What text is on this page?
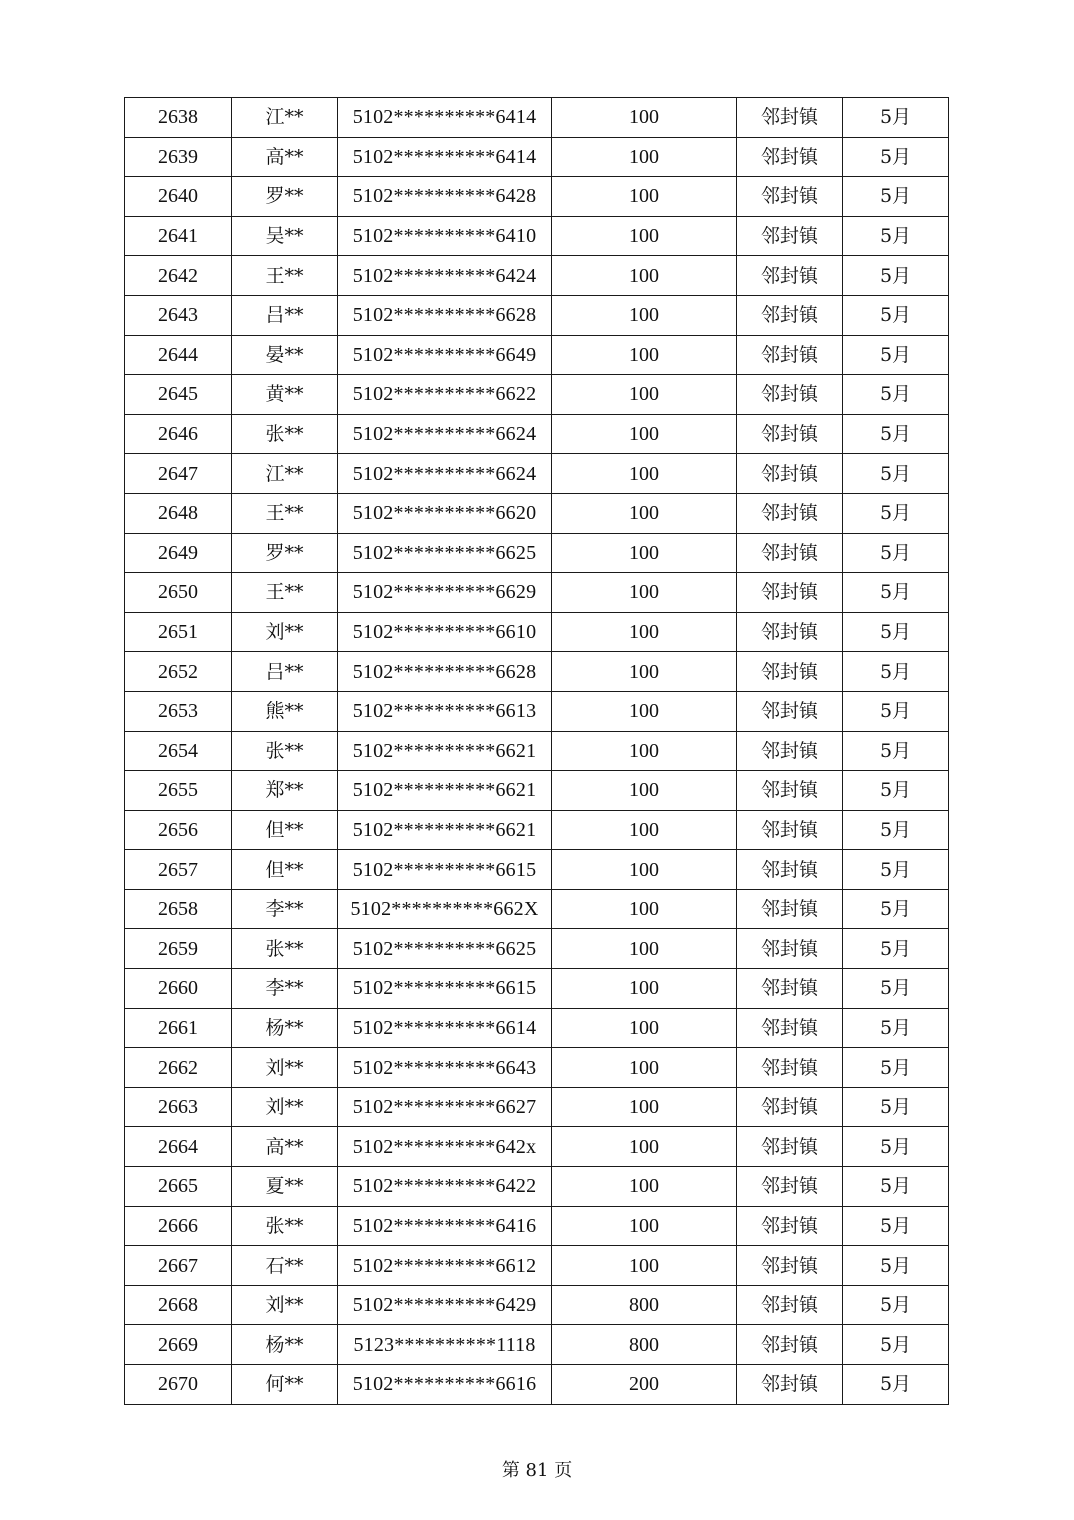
2638	江**	5102**********6414	100	邻封镇	5月
2639	高**	5102**********6414	100	邻封镇	5月
2640	罗**	5102**********6428	100	邻封镇	5月
2641	吴**	5102**********6410	100	邻封镇	5月
2642	王**	5102**********6424	100	邻封镇	5月
2643	吕**	5102**********6628	100	邻封镇	5月
2644	晏**	5102**********6649	100	邻封镇	5月
2645	黄**	5102**********6622	100	邻封镇	5月
2646	张**	5102**********6624	100	邻封镇	5月
2647	江**	5102**********6624	100	邻封镇	5月
2648	王**	5102**********6620	100	邻封镇	5月
2649	罗**	5102**********6625	100	邻封镇	5月
2650	王**	5102**********6629	100	邻封镇	5月
2651	刘**	5102**********6610	100	邻封镇	5月
2652	吕**	5102**********6628	100	邻封镇	5月
2653	熊**	5102**********6613	100	邻封镇	5月
2654	张**	5102**********6621	100	邻封镇	5月
2655	郑**	5102**********6621	100	邻封镇	5月
2656	但**	5102**********6621	100	邻封镇	5月
2657	但**	5102**********6615	100	邻封镇	5月
2658	李**	5102**********662X	100	邻封镇	5月
2659	张**	5102**********6625	100	邻封镇	5月
2660	李**	5102**********6615	100	邻封镇	5月
2661	杨**	5102**********6614	100	邻封镇	5月
2662	刘**	5102**********6643	100	邻封镇	5月
2663	刘**	5102**********6627	100	邻封镇	5月
2664	高**	5102**********642x	100	邻封镇	5月
2665	夏**	5102**********6422	100	邻封镇	5月
2666	张**	5102**********6416	100	邻封镇	5月
2667	石**	5102**********6612	100	邻封镇	5月
2668	刘**	5102**********6429	800	邻封镇	5月
2669	杨**	5123**********1118	800	邻封镇	5月
2670	何**	5102**********6616	200	邻封镇	5月
第 81 页
